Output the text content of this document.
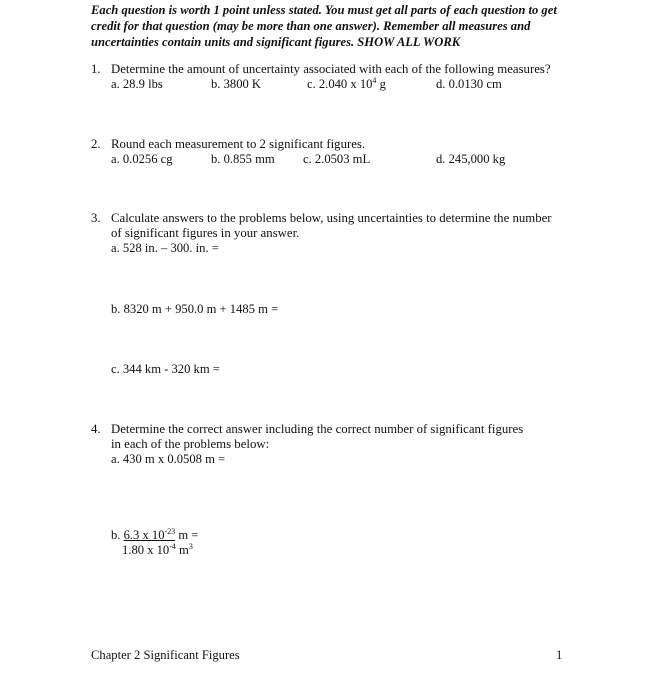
Each question is worth 1 point unless stated. You must get all parts of each question to get credit for that question (may be more than one answer). Remember all measures and uncertainties contain units and significant figures. SHOW ALL WORK
1. Determine the amount of uncertainty associated with each of the following measures?
a. 28.9 lbs	b. 3800 K	c. 2.040 x $10^4$ g	d. 0.0130 cm
2. Round each measurement to 2 significant figures.
a. 0.0256 cg	b. 0.855 mm c. 2.0503 mL	d. 245,000 kg
3. Calculate answers to the problems below, using uncertainties to determine the number
of significant figures in your answer.
a. 528 in. – 300. in. =
b. 8320 m + 950.0 m + 1485 m =
c. 344 km - 320 km =
4. Determine the correct answer including the correct number of significant figures
in each of the problems below:
a. 430 m x 0.0508 m =
b. 6.3 x $10^{-23}$ m =
1.80 x $10^{-4}$ $m^3$
Chapter 2 Significant Figures	1
